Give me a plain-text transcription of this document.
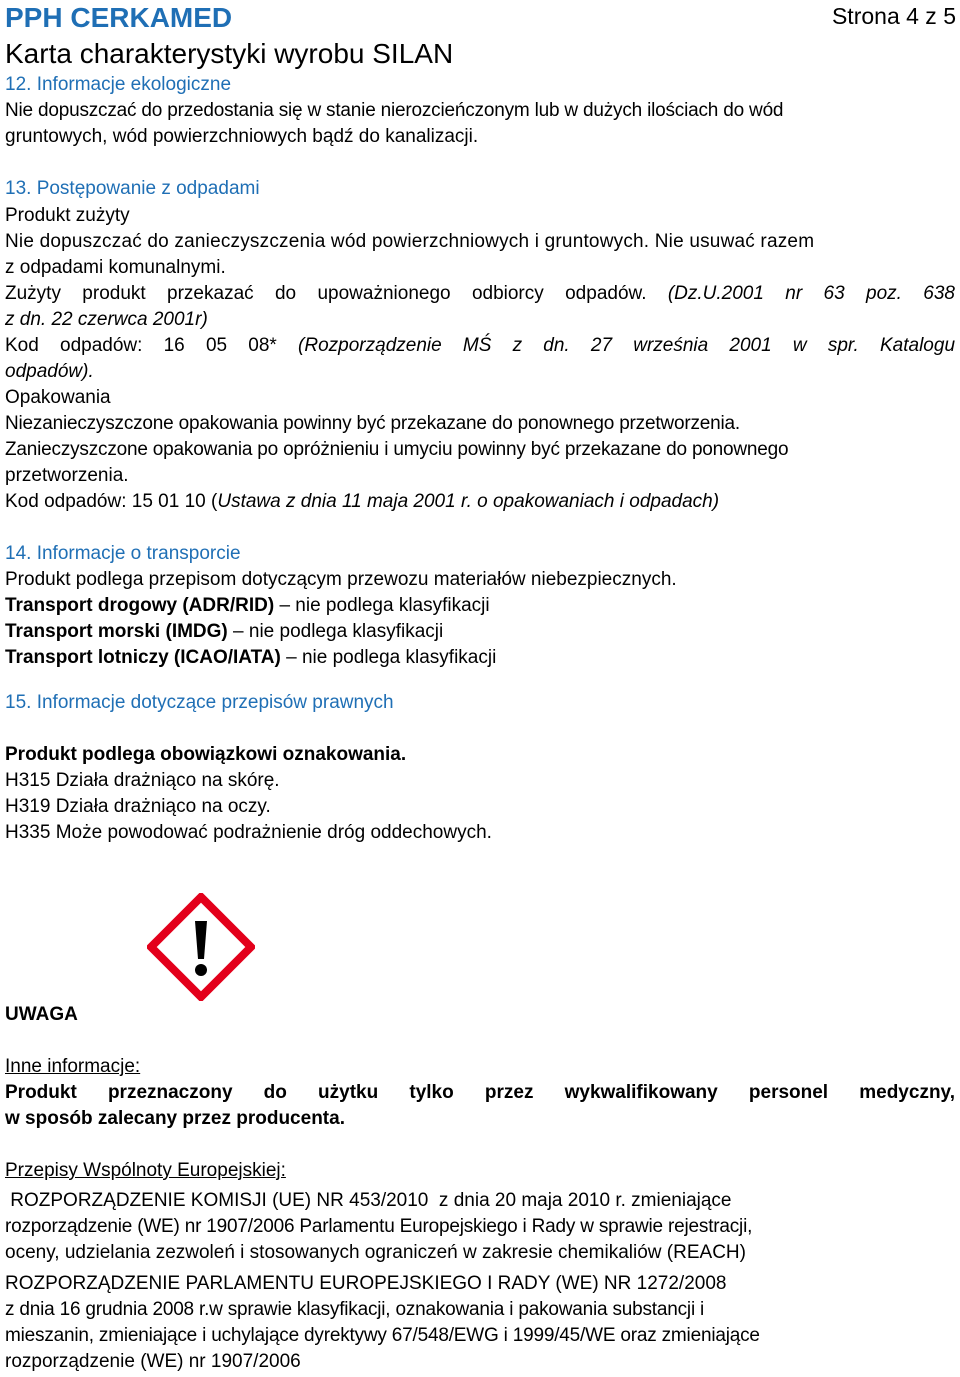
PPH CERKAMED	Strona 4 z 5
Karta charakterystyki wyrobu SILAN
12. Informacje ekologiczne
Nie dopuszczać do przedostania się w stanie nierozcieńczonym lub w dużych ilościach do wód
gruntowych, wód powierzchniowych bądź do kanalizacji.
13. Postępowanie z odpadami
Produkt zużyty
Nie dopuszczać do zanieczyszczenia wód powierzchniowych i gruntowych. Nie usuwać razem
z odpadami komunalnymi.
Zużyty produkt przekazać do upoważnionego odbiorcy odpadów. (Dz.U.2001 nr 63 poz. 638
z dn. 22 czerwca 2001r)
Kod odpadów: 16 05 08* (Rozporządzenie MŚ z dn. 27 września 2001 w spr. Katalogu
odpadów).
Opakowania
Niezanieczyszczone opakowania powinny być przekazane do ponownego przetworzenia.
Zanieczyszczone opakowania po opróżnieniu i umyciu powinny być przekazane do ponownego
przetworzenia.
Kod odpadów: 15 01 10 (Ustawa z dnia 11 maja 2001 r. o opakowaniach i odpadach)
14. Informacje o transporcie
Produkt podlega przepisom dotyczącym przewozu materiałów niebezpiecznych.
Transport drogowy (ADR/RID) – nie podlega klasyfikacji
Transport morski (IMDG) – nie podlega klasyfikacji
Transport lotniczy (ICAO/IATA) – nie podlega klasyfikacji
15. Informacje dotyczące przepisów prawnych
Produkt podlega obowiązkowi oznakowania.
H315 Działa drażniąco na skórę.
H319 Działa drażniąco na oczy.
H335 Może powodować podrażnienie dróg oddechowych.
UWAGA
Inne informacje:
Produkt przeznaczony do użytku tylko przez wykwalifikowany personel medyczny,
w sposób zalecany przez producenta.
Przepisy Wspólnoty Europejskiej:
ROZPORZĄDZENIE KOMISJI (UE) NR 453/2010  z dnia 20 maja 2010 r. zmieniające
rozporządzenie (WE) nr 1907/2006 Parlamentu Europejskiego i Rady w sprawie rejestracji,
oceny, udzielania zezwoleń i stosowanych ograniczeń w zakresie chemikaliów (REACH)
ROZPORZĄDZENIE PARLAMENTU EUROPEJSKIEGO I RADY (WE) NR 1272/2008
z dnia 16 grudnia 2008 r.w sprawie klasyfikacji, oznakowania i pakowania substancji i
mieszanin, zmieniające i uchylające dyrektywy 67/548/EWG i 1999/45/WE oraz zmieniające
rozporządzenie (WE) nr 1907/2006
